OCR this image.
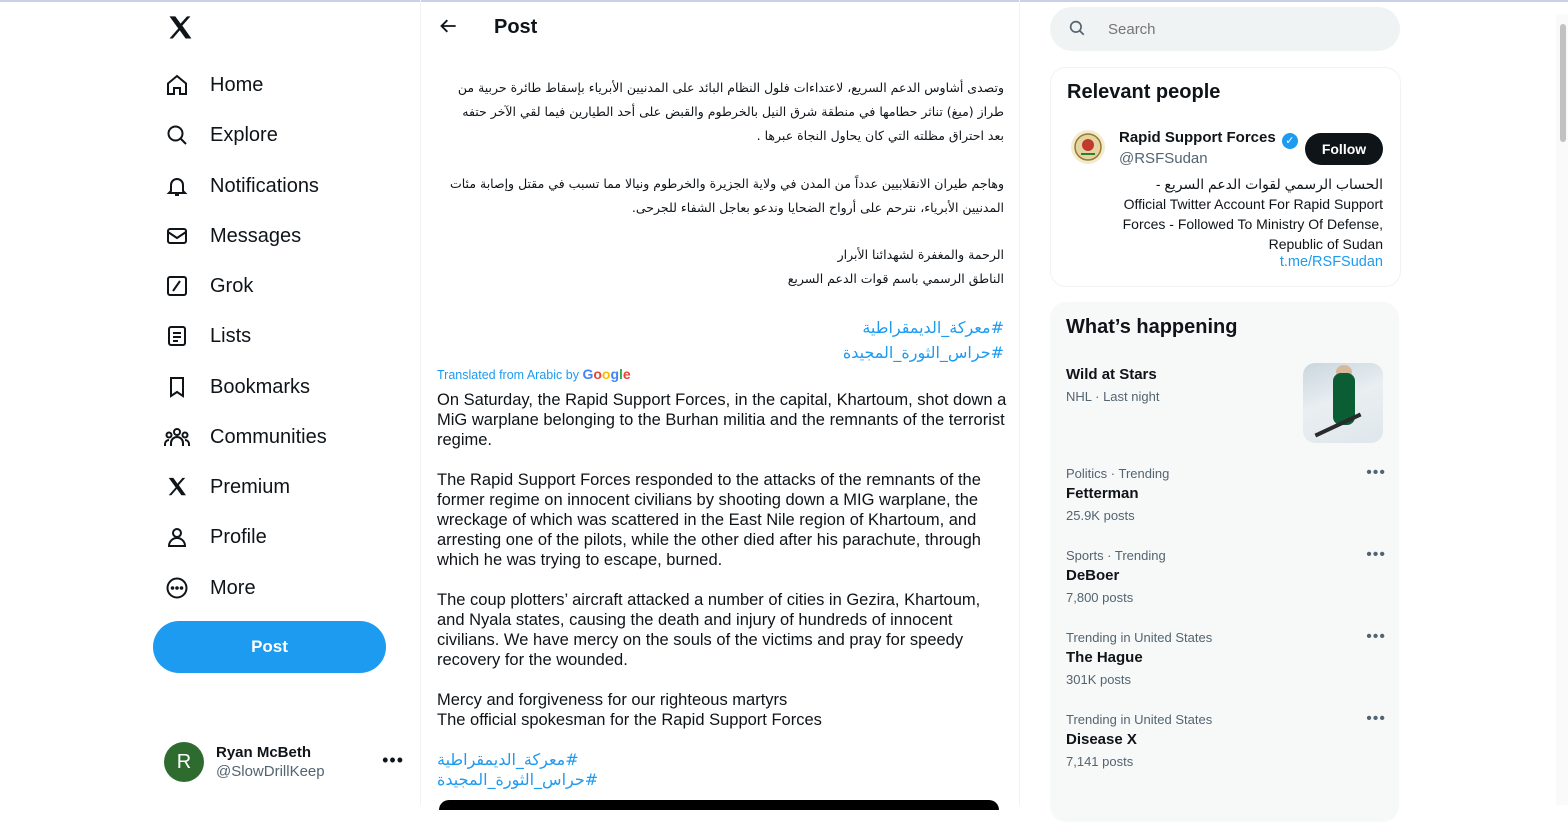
Home
Explore
Notifications
Messages
Grok
Lists
Bookmarks
Communities
Premium
Profile
More
Post
R	Ryan McBeth
@SlowDrillKeep
•••
Post
وتصدى أشاوس الدعم السريع، لاعتداءات فلول النظام البائد على المدنيين الأبرياء بإسقاط طائرة حربية من طراز (ميغ) تناثر حطامها في منطقة شرق النيل بالخرطوم والقبض على أحد الطيارين فيما لقي الآخر حتفه بعد احتراق مظلته التي كان يحاول النجاة عبرها .
وهاجم طيران الانقلابيين عدداً من المدن في ولاية الجزيرة والخرطوم ونيالا مما تسبب في مقتل وإصابة مئات المدنيين الأبرياء، نترحم على أرواح الضحايا وندعو بعاجل الشفاء للجرحى.
الرحمة والمغفرة لشهدائنا الأبرار
الناطق الرسمي باسم قوات الدعم السريع
#معركة_الديمقراطية
#حراس_الثورة_المجيدة
Translated from Arabic by Google
On Saturday, the Rapid Support Forces, in the capital, Khartoum, shot down a MiG warplane belonging to the Burhan militia and the remnants of the terrorist regime.
The Rapid Support Forces responded to the attacks of the remnants of the former regime on innocent civilians by shooting down a MIG warplane, the wreckage of which was scattered in the East Nile region of Khartoum, and arresting one of the pilots, while the other died after his parachute, through which he was trying to escape, burned.
The coup plotters’ aircraft attacked a number of cities in Gezira, Khartoum, and Nyala states, causing the death and injury of hundreds of innocent civilians. We have mercy on the souls of the victims and pray for speedy recovery for the wounded.
Mercy and forgiveness for our righteous martyrs
The official spokesman for the Rapid Support Forces
#معركة_الديمقراطية
#حراس_الثورة_المجيدة
Search
Relevant people
Rapid Support Forces ✓
@RSFSudan
Follow
الحساب الرسمي لقوات الدعم السريع - Official Twitter Account For Rapid Support Forces - Followed To Ministry Of Defense, Republic of Sudan
t.me/RSFSudan
What’s happening
Wild at Stars
NHL · Last night
Politics · Trending
Fetterman
25.9K posts
•••
Sports · Trending
DeBoer
7,800 posts
•••
Trending in United States
The Hague
301K posts
•••
Trending in United States
Disease X
7,141 posts
•••
